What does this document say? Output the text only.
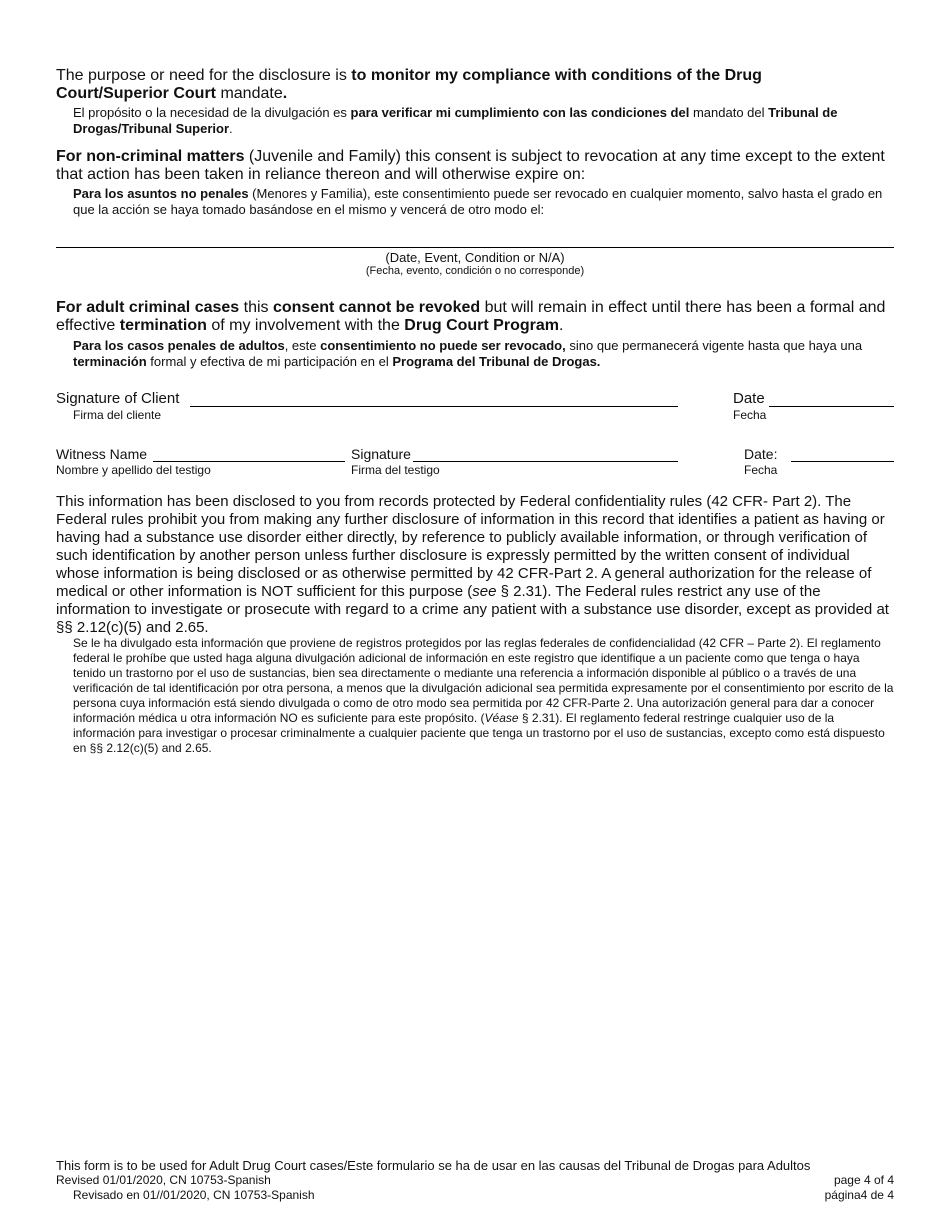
The purpose or need for the disclosure is to monitor my compliance with conditions of the Drug Court/Superior Court mandate.
El propósito o la necesidad de la divulgación es para verificar mi cumplimiento con las condiciones del mandato del Tribunal de Drogas/Tribunal Superior.
For non-criminal matters (Juvenile and Family) this consent is subject to revocation at any time except to the extent that action has been taken in reliance thereon and will otherwise expire on:
Para los asuntos no penales (Menores y Familia), este consentimiento puede ser revocado en cualquier momento, salvo hasta el grado en que la acción se haya tomado basándose en el mismo y vencerá de otro modo el:
(Date, Event, Condition or N/A)
(Fecha, evento, condición o no corresponde)
For adult criminal cases this consent cannot be revoked but will remain in effect until there has been a formal and effective termination of my involvement with the Drug Court Program.
Para los casos penales de adultos, este consentimiento no puede ser revocado, sino que permanecerá vigente hasta que haya una terminación formal y efectiva de mi participación en el Programa del Tribunal de Drogas.
Signature of Client
Firma del cliente
Date
Fecha
Witness Name
Nombre y apellido del testigo
Signature
Firma del testigo
Date:
Fecha
This information has been disclosed to you from records protected by Federal confidentiality rules (42 CFR- Part 2). The Federal rules prohibit you from making any further disclosure of information in this record that identifies a patient as having or having had a substance use disorder either directly, by reference to publicly available information, or through verification of such identification by another person unless further disclosure is expressly permitted by the written consent of individual whose information is being disclosed or as otherwise permitted by 42 CFR-Part 2. A general authorization for the release of medical or other information is NOT sufficient for this purpose (see § 2.31). The Federal rules restrict any use of the information to investigate or prosecute with regard to a crime any patient with a substance use disorder, except as provided at §§ 2.12(c)(5) and 2.65.
Se le ha divulgado esta información que proviene de registros protegidos por las reglas federales de confidencialidad (42 CFR – Parte 2). El reglamento federal le prohíbe que usted haga alguna divulgación adicional de información en este registro que identifique a un paciente como que tenga o haya tenido un trastorno por el uso de sustancias, bien sea directamente o mediante una referencia a información disponible al público o a través de una verificación de tal identificación por otra persona, a menos que la divulgación adicional sea permitida expresamente por el consentimiento por escrito de la persona cuya información está siendo divulgada o como de otro modo sea permitida por 42 CFR-Parte 2. Una autorización general para dar a conocer información médica u otra información NO es suficiente para este propósito. (Véase § 2.31). El reglamento federal restringe cualquier uso de la información para investigar o procesar criminalmente a cualquier paciente que tenga un trastorno por el uso de sustancias, excepto como está dispuesto en §§ 2.12(c)(5) and 2.65.
This form is to be used for Adult Drug Court cases/Este formulario se ha de usar en las causas del Tribunal de Drogas para Adultos
Revised 01/01/2020, CN 10753-Spanish
Revisado en 01//01/2020, CN 10753-Spanish
page 4 of 4
página4 de 4
